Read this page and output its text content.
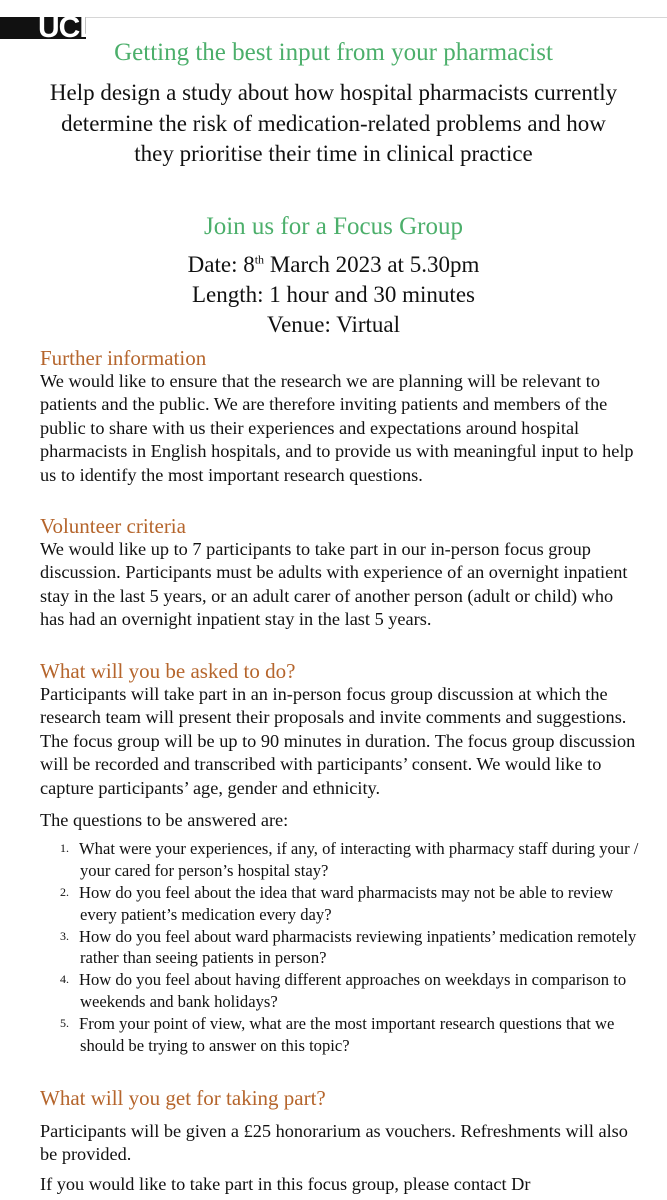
UCL
Getting the best input from your pharmacist
Help design a study about how hospital pharmacists currently determine the risk of medication-related problems and how they prioritise their time in clinical practice
Join us for a Focus Group
Date: 8th March 2023 at 5.30pm
Length: 1 hour and 30 minutes
Venue: Virtual
Further information

We would like to ensure that the research we are planning will be relevant to patients and the public. We are therefore inviting patients and members of the public to share with us their experiences and expectations around hospital pharmacists in English hospitals, and to provide us with meaningful input to help us to identify the most important research questions.

Volunteer criteria

We would like up to 7 participants to take part in our in-person focus group discussion. Participants must be adults with experience of an overnight inpatient stay in the last 5 years, or an adult carer of another person (adult or child) who has had an overnight inpatient stay in the last 5 years.

What will you be asked to do?

Participants will take part in an in-person focus group discussion at which the research team will present their proposals and invite comments and suggestions. The focus group will be up to 90 minutes in duration. The focus group discussion will be recorded and transcribed with participants’ consent. We would like to capture participants’ age, gender and ethnicity.

The questions to be answered are:

1. What were your experiences, if any, of interacting with pharmacy staff during your / your cared for person’s hospital stay?
2. How do you feel about the idea that ward pharmacists may not be able to review every patient’s medication every day?
3. How do you feel about ward pharmacists reviewing inpatients’ medication remotely rather than seeing patients in person?
4. How do you feel about having different approaches on weekdays in comparison to weekends and bank holidays?
5. From your point of view, what are the most important research questions that we should be trying to answer on this topic?
What will you get for taking part?

Participants will be given a £25 honorarium as vouchers. Refreshments will also be provided.

If you would like to take part in this focus group, please contact Dr
